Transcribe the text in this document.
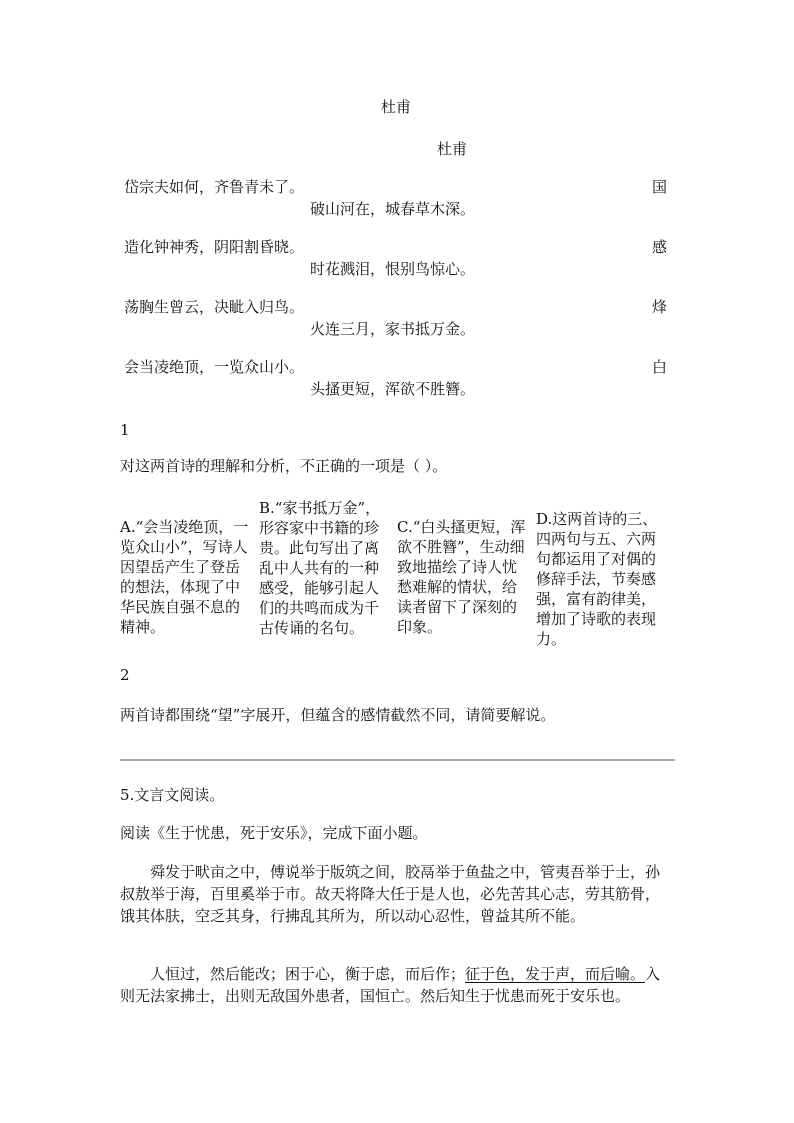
杜甫
杜甫
岱宗夫如何，齐鲁青未了。	国
破山河在，城春草木深。
造化钟神秀，阴阳割昏晓。	感
时花溅泪，恨别鸟惊心。
荡胸生曾云，决眦入归鸟。	烽
火连三月，家书抵万金。
会当凌绝顶，一览众山小。	白
头搔更短，浑欲不胜簪。
1
对这两首诗的理解和分析，不正确的一项是（ ）。
A.“会当凌绝顶，一览众山小”，写诗人因望岳产生了登岳的想法，体现了中华民族自强不息的精神。
B.“家书抵万金”，形容家中书籍的珍贵。此句写出了离乱中人共有的一种感受，能够引起人们的共鸣而成为千古传诵的名句。
C.“白头搔更短，浑欲不胜簪”，生动细致地描绘了诗人忧愁难解的情状，给读者留下了深刻的印象。
D.这两首诗的三、四两句与五、六两句都运用了对偶的修辞手法，节奏感强，富有韵律美，增加了诗歌的表现力。
2
两首诗都围绕“望”字展开，但蕴含的感情截然不同，请简要解说。
5.文言文阅读。
阅读《生于忧患，死于安乐》，完成下面小题。
舜发于畎亩之中，傅说举于版筑之间，胶鬲举于鱼盐之中，管夷吾举于士，孙叔敖举于海，百里奚举于市。故天将降大任于是人也，必先苦其心志，劳其筋骨，饿其体肤，空乏其身，行拂乱其所为，所以动心忍性，曾益其所不能。
人恒过，然后能改；困于心，衡于虑，而后作；征于色，发于声，而后喻。入则无法家拂士，出则无敌国外患者，国恒亡。然后知生于忧患而死于安乐也。
